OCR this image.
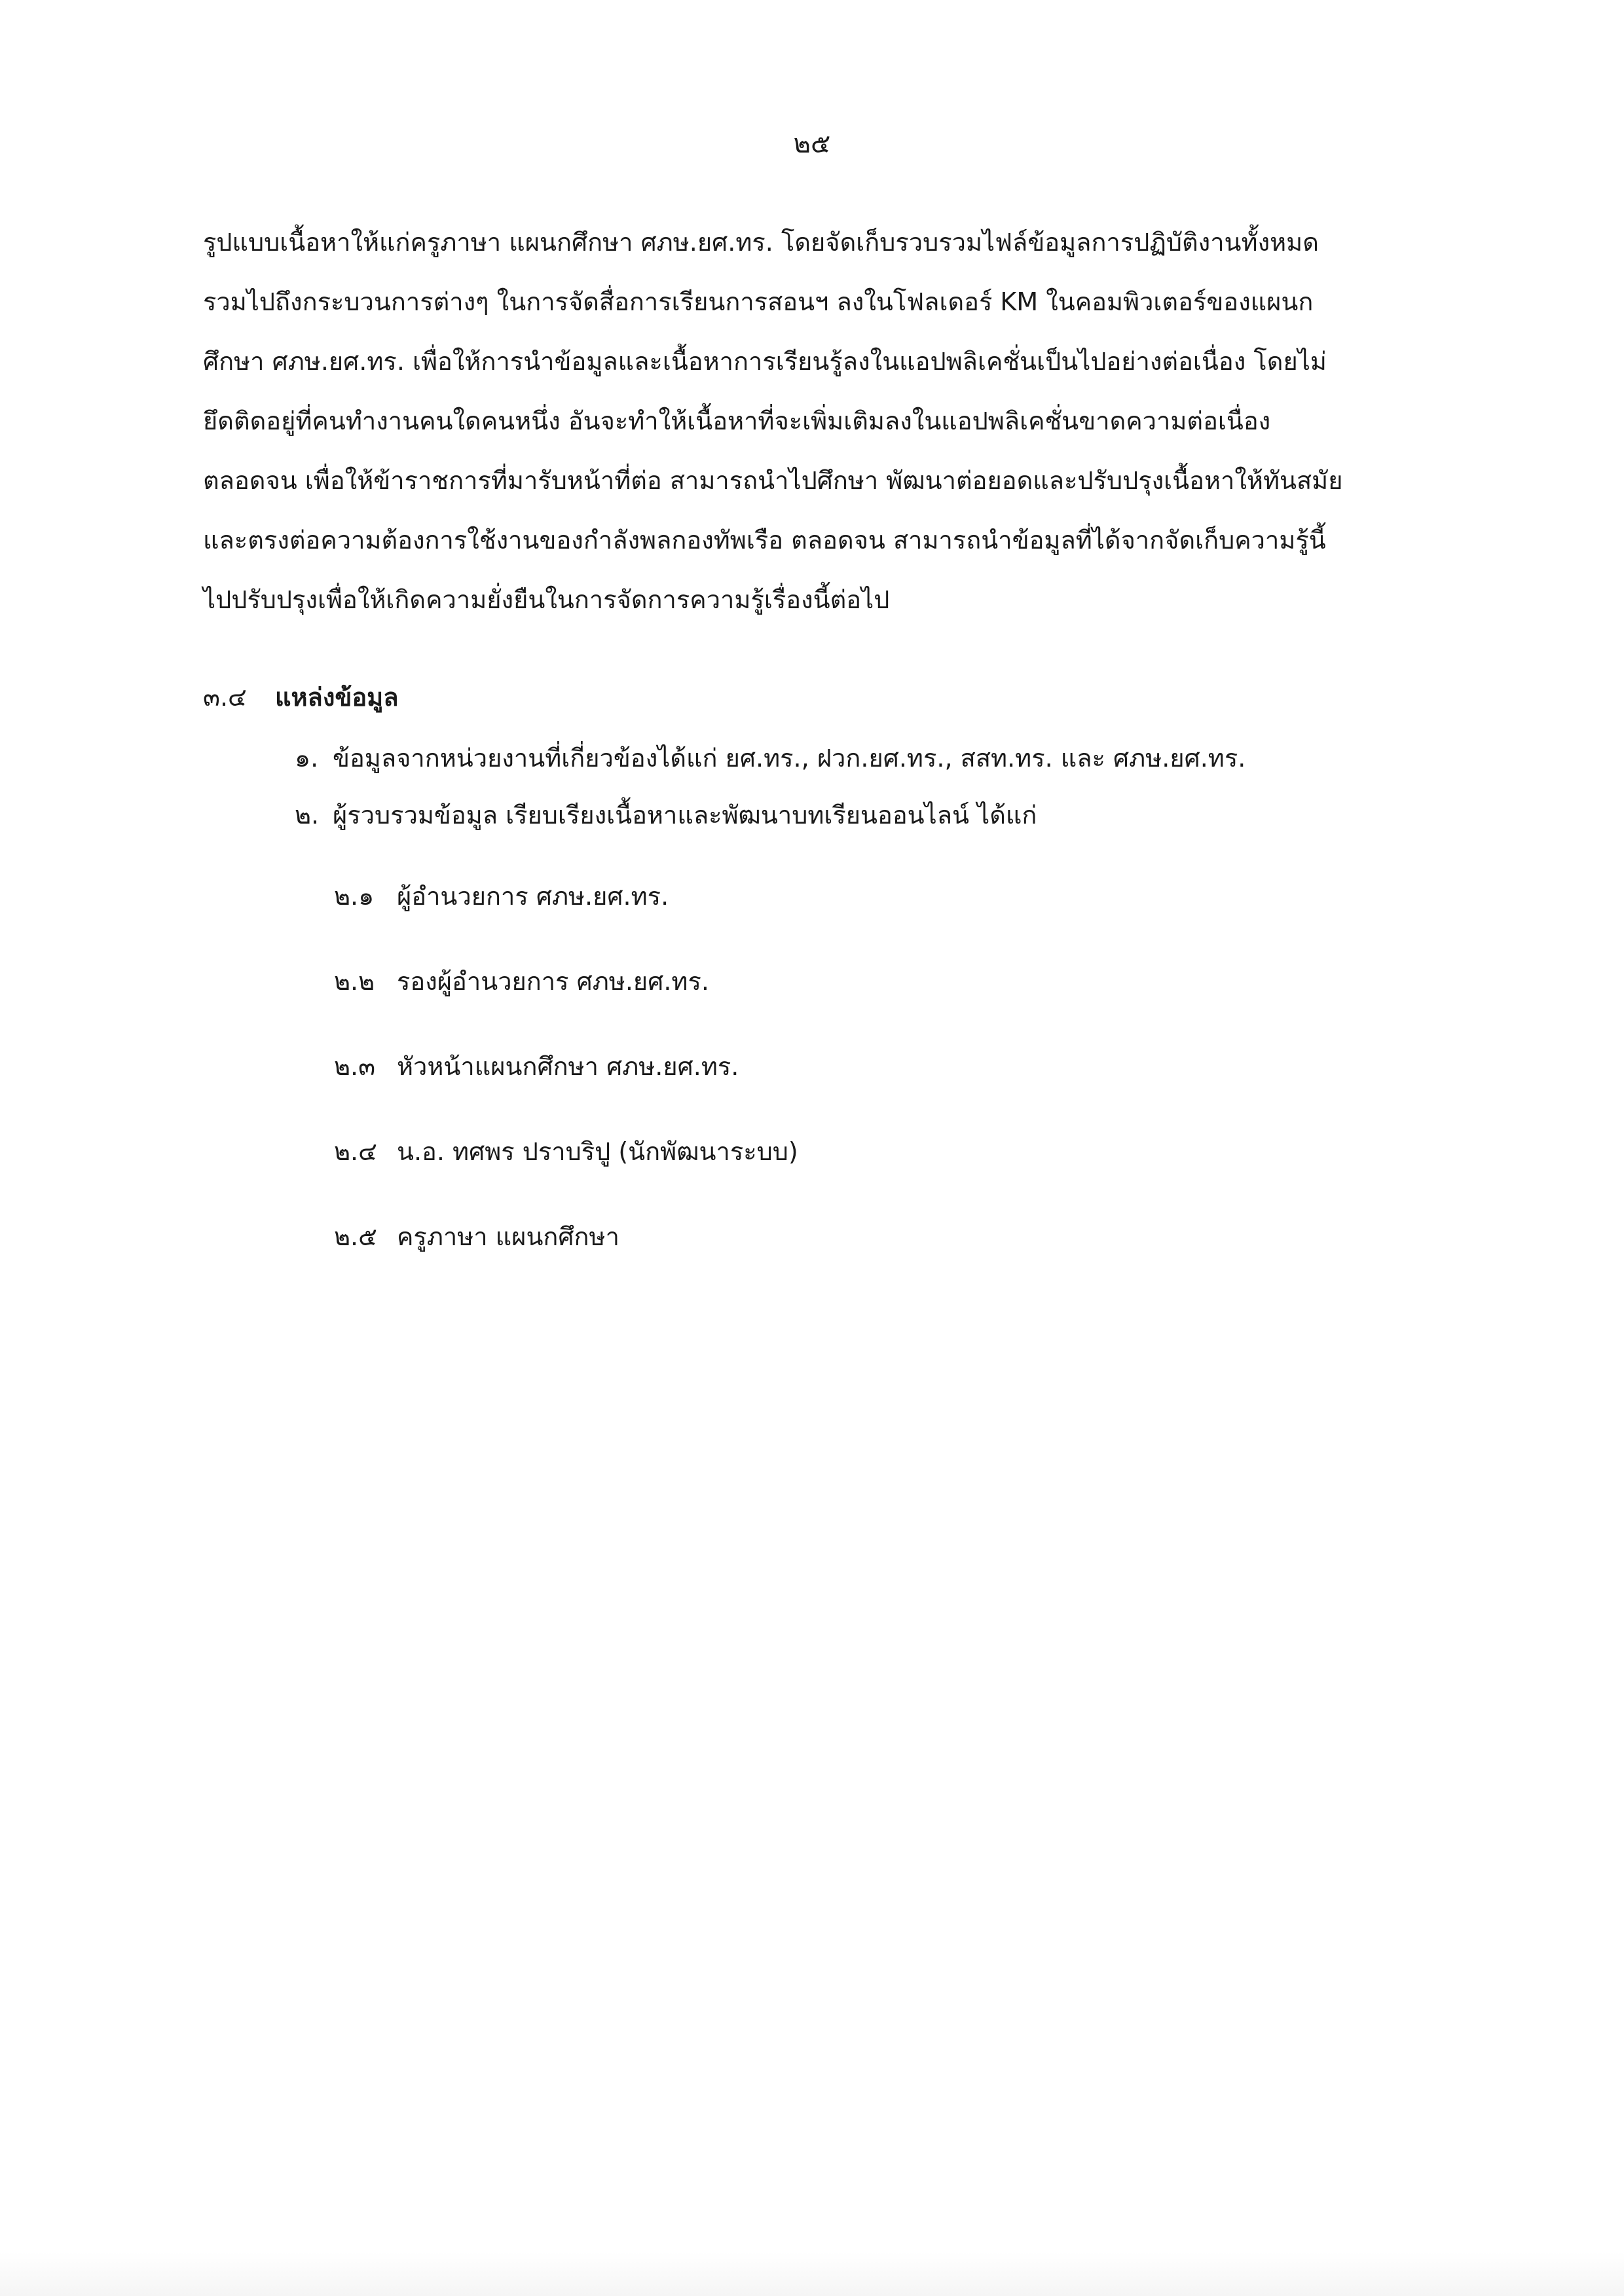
๒๕
รูปแบบเนื้อหาให้แก่ครูภาษา แผนกศึกษา ศภษ.ยศ.ทร. โดยจัดเก็บรวบรวมไฟล์ข้อมูลการปฏิบัติงานทั้งหมด
รวมไปถึงกระบวนการต่างๆ ในการจัดสื่อการเรียนการสอนฯ ลงในโฟลเดอร์ KM ในคอมพิวเตอร์ของแผนก
ศึกษา ศภษ.ยศ.ทร. เพื่อให้การนำข้อมูลและเนื้อหาการเรียนรู้ลงในแอปพลิเคชั่นเป็นไปอย่างต่อเนื่อง โดยไม่
ยึดติดอยู่ที่คนทำงานคนใดคนหนึ่ง อันจะทำให้เนื้อหาที่จะเพิ่มเติมลงในแอปพลิเคชั่นขาดความต่อเนื่อง
ตลอดจน เพื่อให้ข้าราชการที่มารับหน้าที่ต่อ สามารถนำไปศึกษา พัฒนาต่อยอดและปรับปรุงเนื้อหาให้ทันสมัย
และตรงต่อความต้องการใช้งานของกำลังพลกองทัพเรือ ตลอดจน สามารถนำข้อมูลที่ได้จากจัดเก็บความรู้นี้
ไปปรับปรุงเพื่อให้เกิดความยั่งยืนในการจัดการความรู้เรื่องนี้ต่อไป
๓.๔ แหล่งข้อมูล
๑. ข้อมูลจากหน่วยงานที่เกี่ยวข้องได้แก่ ยศ.ทร., ฝวก.ยศ.ทร., สสท.ทร. และ ศภษ.ยศ.ทร.
๒. ผู้รวบรวมข้อมูล เรียบเรียงเนื้อหาและพัฒนาบทเรียนออนไลน์ ได้แก่
๒.๑ ผู้อำนวยการ ศภษ.ยศ.ทร.
๒.๒ รองผู้อำนวยการ ศภษ.ยศ.ทร.
๒.๓ หัวหน้าแผนกศึกษา ศภษ.ยศ.ทร.
๒.๔ น.อ. ทศพร ปราบริปู (นักพัฒนาระบบ)
๒.๕ ครูภาษา แผนกศึกษา
